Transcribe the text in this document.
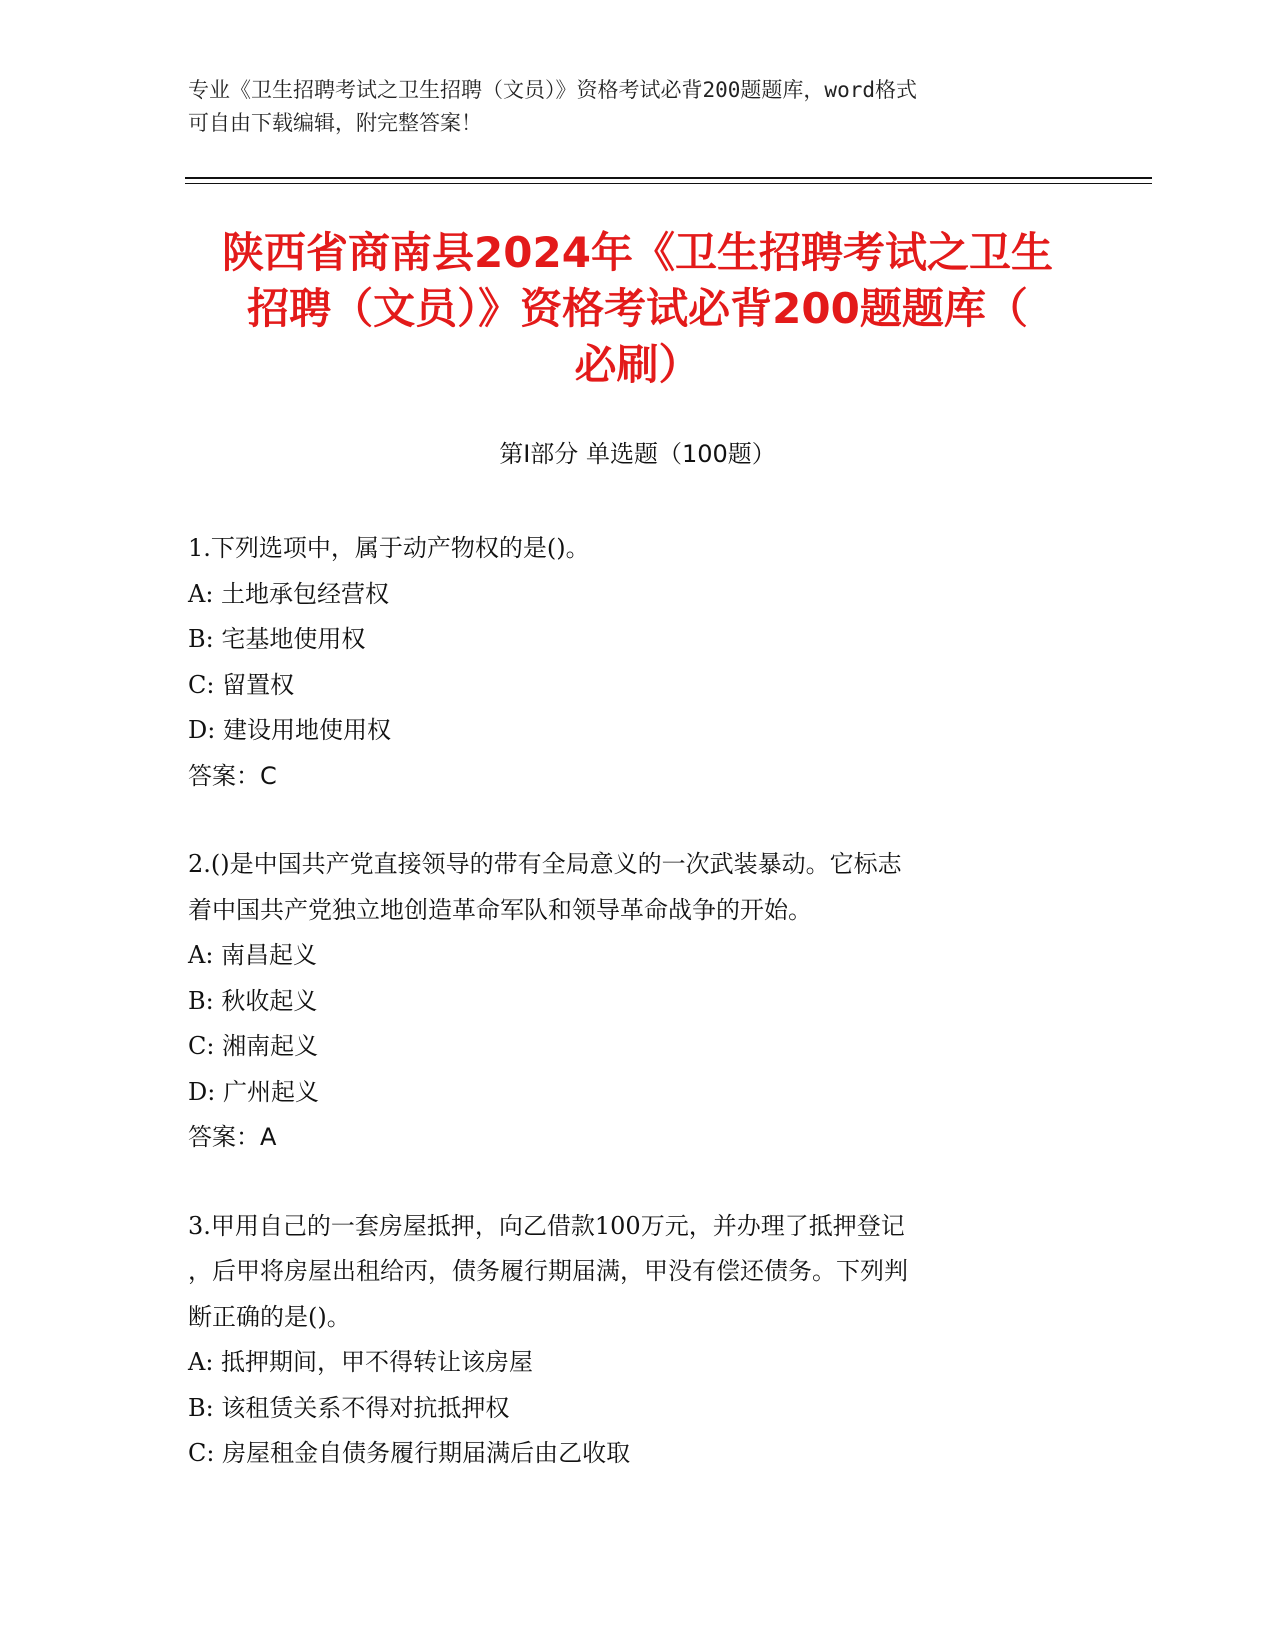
专业《卫生招聘考试之卫生招聘（文员）》资格考试必背200题题库，word格式
可自由下载编辑，附完整答案！
陕西省商南县2024年《卫生招聘考试之卫生
招聘（文员）》资格考试必背200题题库（
必刷）
第Ⅰ部分 单选题（100题）
1.下列选项中，属于动产物权的是()。
A: 土地承包经营权
B: 宅基地使用权
C: 留置权
D: 建设用地使用权
答案：C
2.()是中国共产党直接领导的带有全局意义的一次武装暴动。它标志
着中国共产党独立地创造革命军队和领导革命战争的开始。
A: 南昌起义
B: 秋收起义
C: 湘南起义
D: 广州起义
答案：A
3.甲用自己的一套房屋抵押，向乙借款100万元，并办理了抵押登记
，后甲将房屋出租给丙，债务履行期届满，甲没有偿还债务。下列判
断正确的是()。
A: 抵押期间，甲不得转让该房屋
B: 该租赁关系不得对抗抵押权
C: 房屋租金自债务履行期届满后由乙收取
